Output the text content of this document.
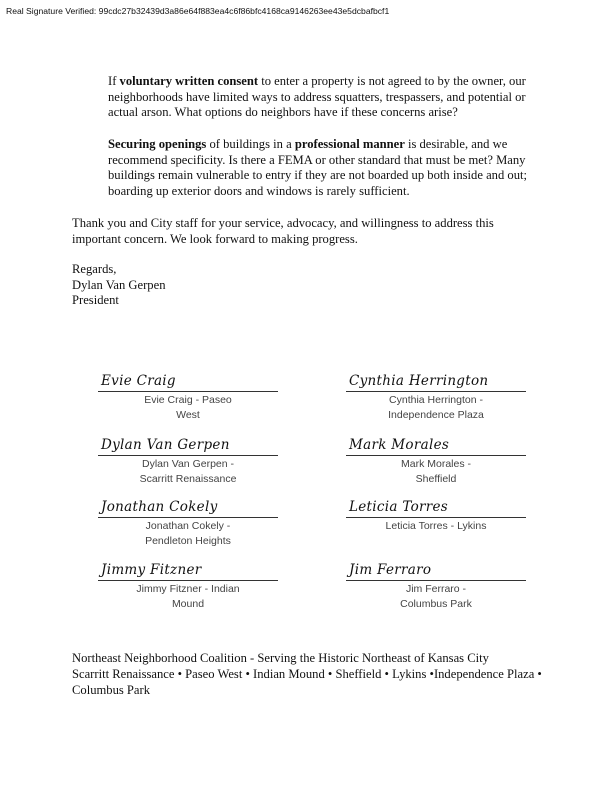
Real Signature Verified: 99cdc27b32439d3a86e64f883ea4c6f86bfc4168ca9146263ee43e5dcbafbcf1

If voluntary written consent to enter a property is not agreed to by the owner, our neighborhoods have limited ways to address squatters, trespassers, and potential or actual arson. What options do neighbors have if these concerns arise?

Securing openings of buildings in a professional manner is desirable, and we recommend specificity. Is there a FEMA or other standard that must be met? Many buildings remain vulnerable to entry if they are not boarded up both inside and out; boarding up exterior doors and windows is rarely sufficient.

Thank you and City staff for your service, advocacy, and willingness to address this important concern. We look forward to making progress.

Regards,
Dylan Van Gerpen
President
Evie Craig
Evie Craig - Paseo
West
Dylan Van Gerpen
Dylan Van Gerpen -
Scarritt Renaissance
Jonathan Cokely
Jonathan Cokely -
Pendleton Heights
Jimmy Fitzner
Jimmy Fitzner - Indian
Mound
Cynthia Herrington
Cynthia Herrington -
Independence Plaza
Mark Morales
Mark Morales -
Sheffield
Leticia Torres
Leticia Torres - Lykins
Jim Ferraro
Jim Ferraro -
Columbus Park
Northeast Neighborhood Coalition - Serving the Historic Northeast of Kansas City
Scarritt Renaissance • Paseo West • Indian Mound • Sheffield • Lykins •Independence Plaza • Columbus Park
